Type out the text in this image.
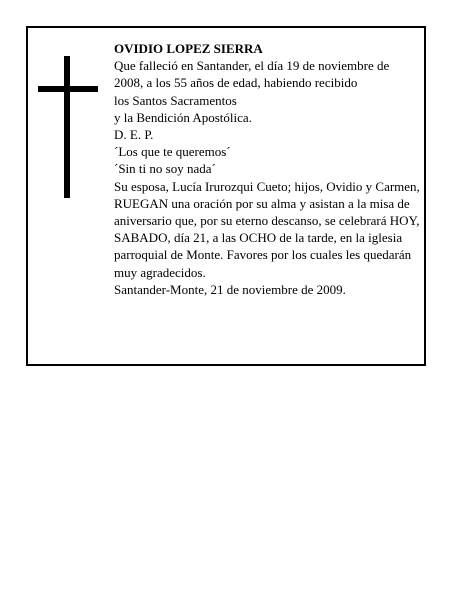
OVIDIO LOPEZ SIERRA
Que falleció en Santander, el día 19 de noviembre de 2008, a los 55 años de edad, habiendo recibido
los Santos Sacramentos
y la Bendición Apostólica.
D. E. P.
´Los que te queremos´
´Sin ti no soy nada´
Su esposa, Lucía Irurozqui Cueto; hijos, Ovidio y Carmen,
RUEGAN una oración por su alma y asistan a la misa de aniversario que, por su eterno descanso, se celebrará HOY, SABADO, día 21, a las OCHO de la tarde, en la iglesia parroquial de Monte. Favores por los cuales les quedarán muy agradecidos.
Santander-Monte, 21 de noviembre de 2009.
